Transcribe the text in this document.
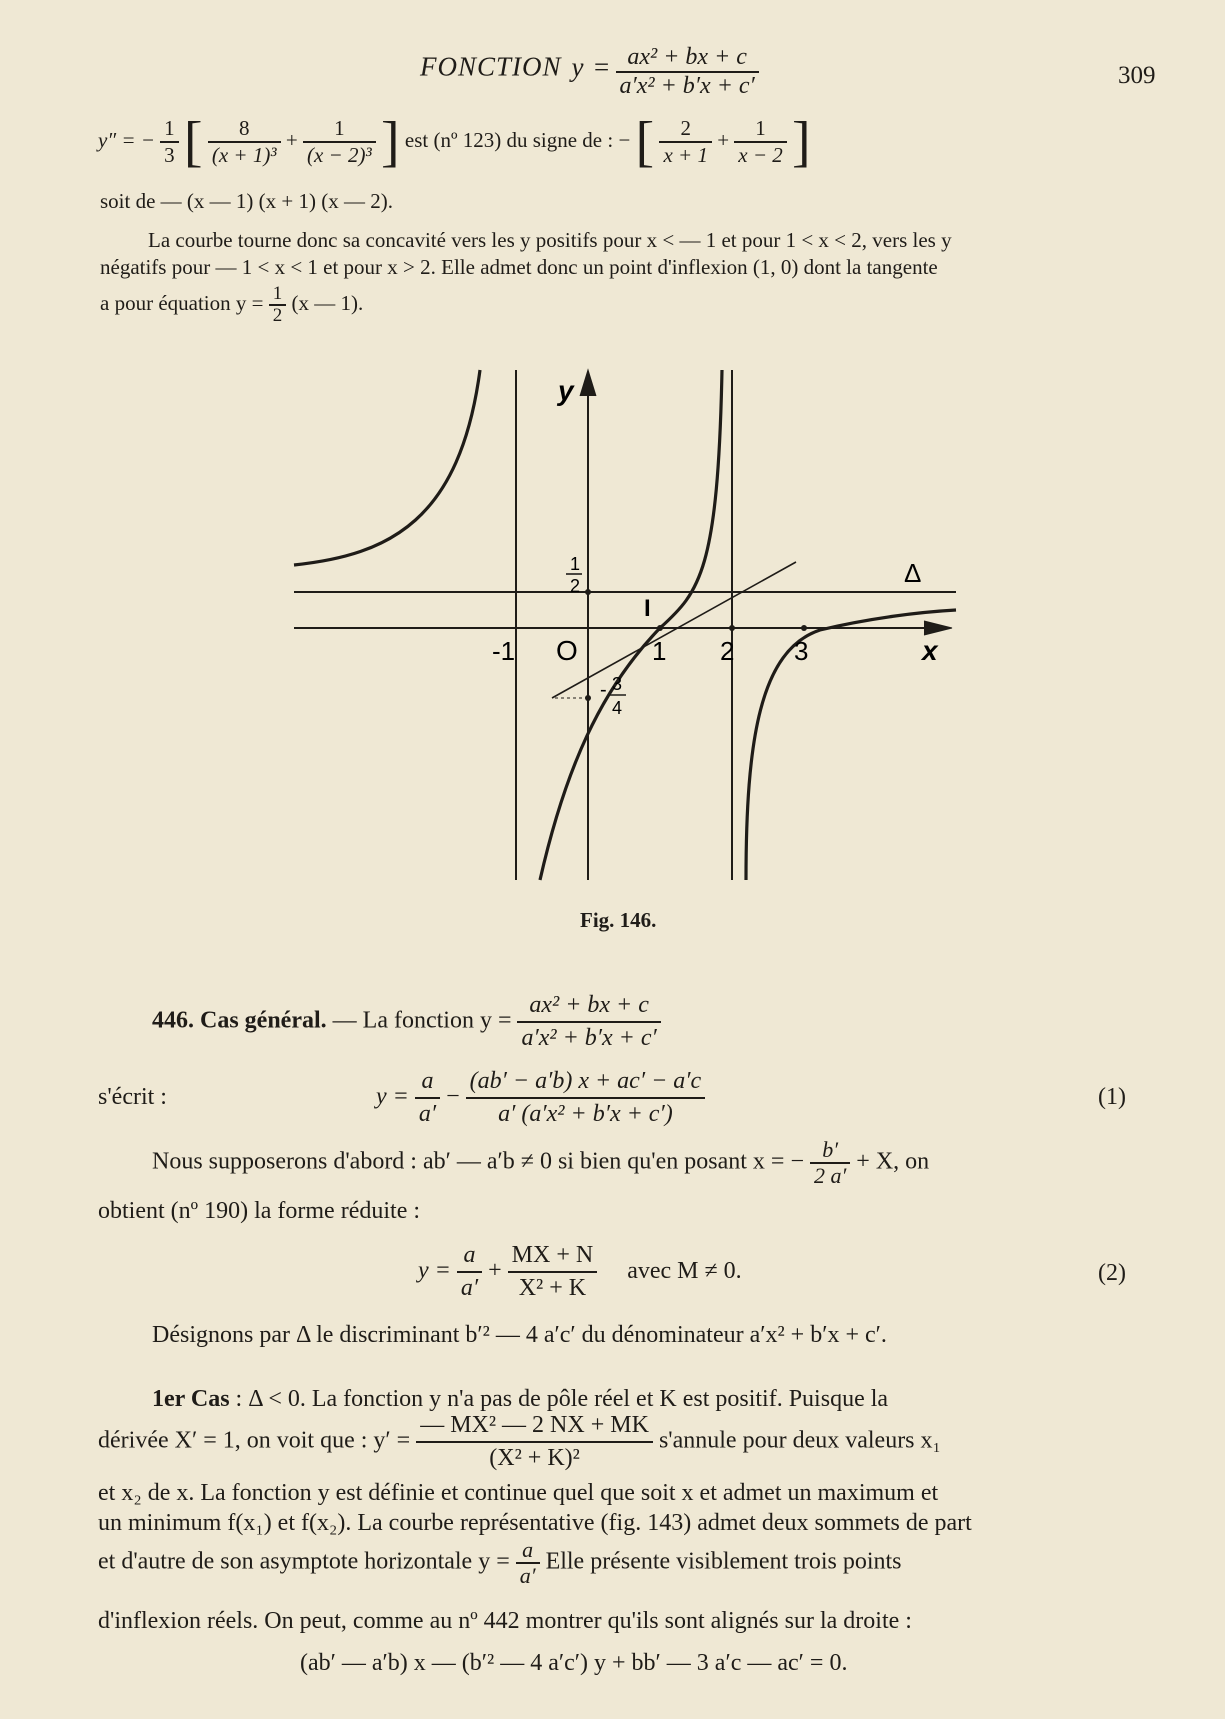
FONCTION $y = \frac{\text{ax² + bx + c}}{\text{a′x² + b′x + c′}}$	309
y″ = − $\frac{1}{3}$ [ $\frac{8}{\text{(x + 1)³}} + \frac{1}{\text{(x − 2)³}}$ ] est (nº 123) du signe de : − [ $\frac{2}{x + 1} + \frac{1}{x - 2}$ ]
soit de — (x — 1) (x + 1) (x — 2).
La courbe tourne donc sa concavité vers les y positifs pour x < — 1 et pour 1 < x < 2, vers les y
négatifs pour — 1 < x < 1 et pour x > 2. Elle admet donc un point d'inflexion (1, 0) dont la tangente
a pour équation $y = \frac{1}{2} (x$ — 1).
y
x
Δ
O
I
-1	1 2 3
1
2
- 3
4
Fig. 146.
446. Cas général. — La fonction $y = \frac{\text{ax² + bx + c}}{\text{a′x² + b′x + c′}}$
s'écrit :	$y = \frac{a}{a'} - \frac{(ab' - a'b) x + ac' - a'c}{\text{a′ (a′x² + b′x + c′)}}$	(1)
Nous supposerons d'abord : ab′ — a′b ≠ 0 si bien qu'en posant x = − $\frac{b'}{2 a'} + X$, on
obtient (nº 190) la forme réduite :
$y = \frac{a}{a'} + \frac{MX + N}{\text{X² + K}}$ avec M ≠ 0.	(2)
Désignons par Δ le discriminant b′² — 4 a′c′ du dénominateur a′x² + b′x + c′.
1er Cas : Δ < 0. La fonction y n'a pas de pôle réel et K est positif. Puisque la
dérivée X′ = 1, on voit que : $y' = \frac{\text{— MX² — 2 NX + MK}}{\text{(X² + K)²}}$ s'annule pour deux valeurs x₁
et x₂ de x. La fonction y est définie et continue quel que soit x et admet un maximum et
un minimum f(x₁) et f(x₂). La courbe représentative (fig. 143) admet deux sommets de part
et d'autre de son asymptote horizontale $y = \frac{a}{a'}$ Elle présente visiblement trois points
d'inflexion réels. On peut, comme au nº 442 montrer qu'ils sont alignés sur la droite :
(ab′ — a′b) x — (b′² — 4 a′c′) y + bb′ — 3 a′c — ac′ = 0.
